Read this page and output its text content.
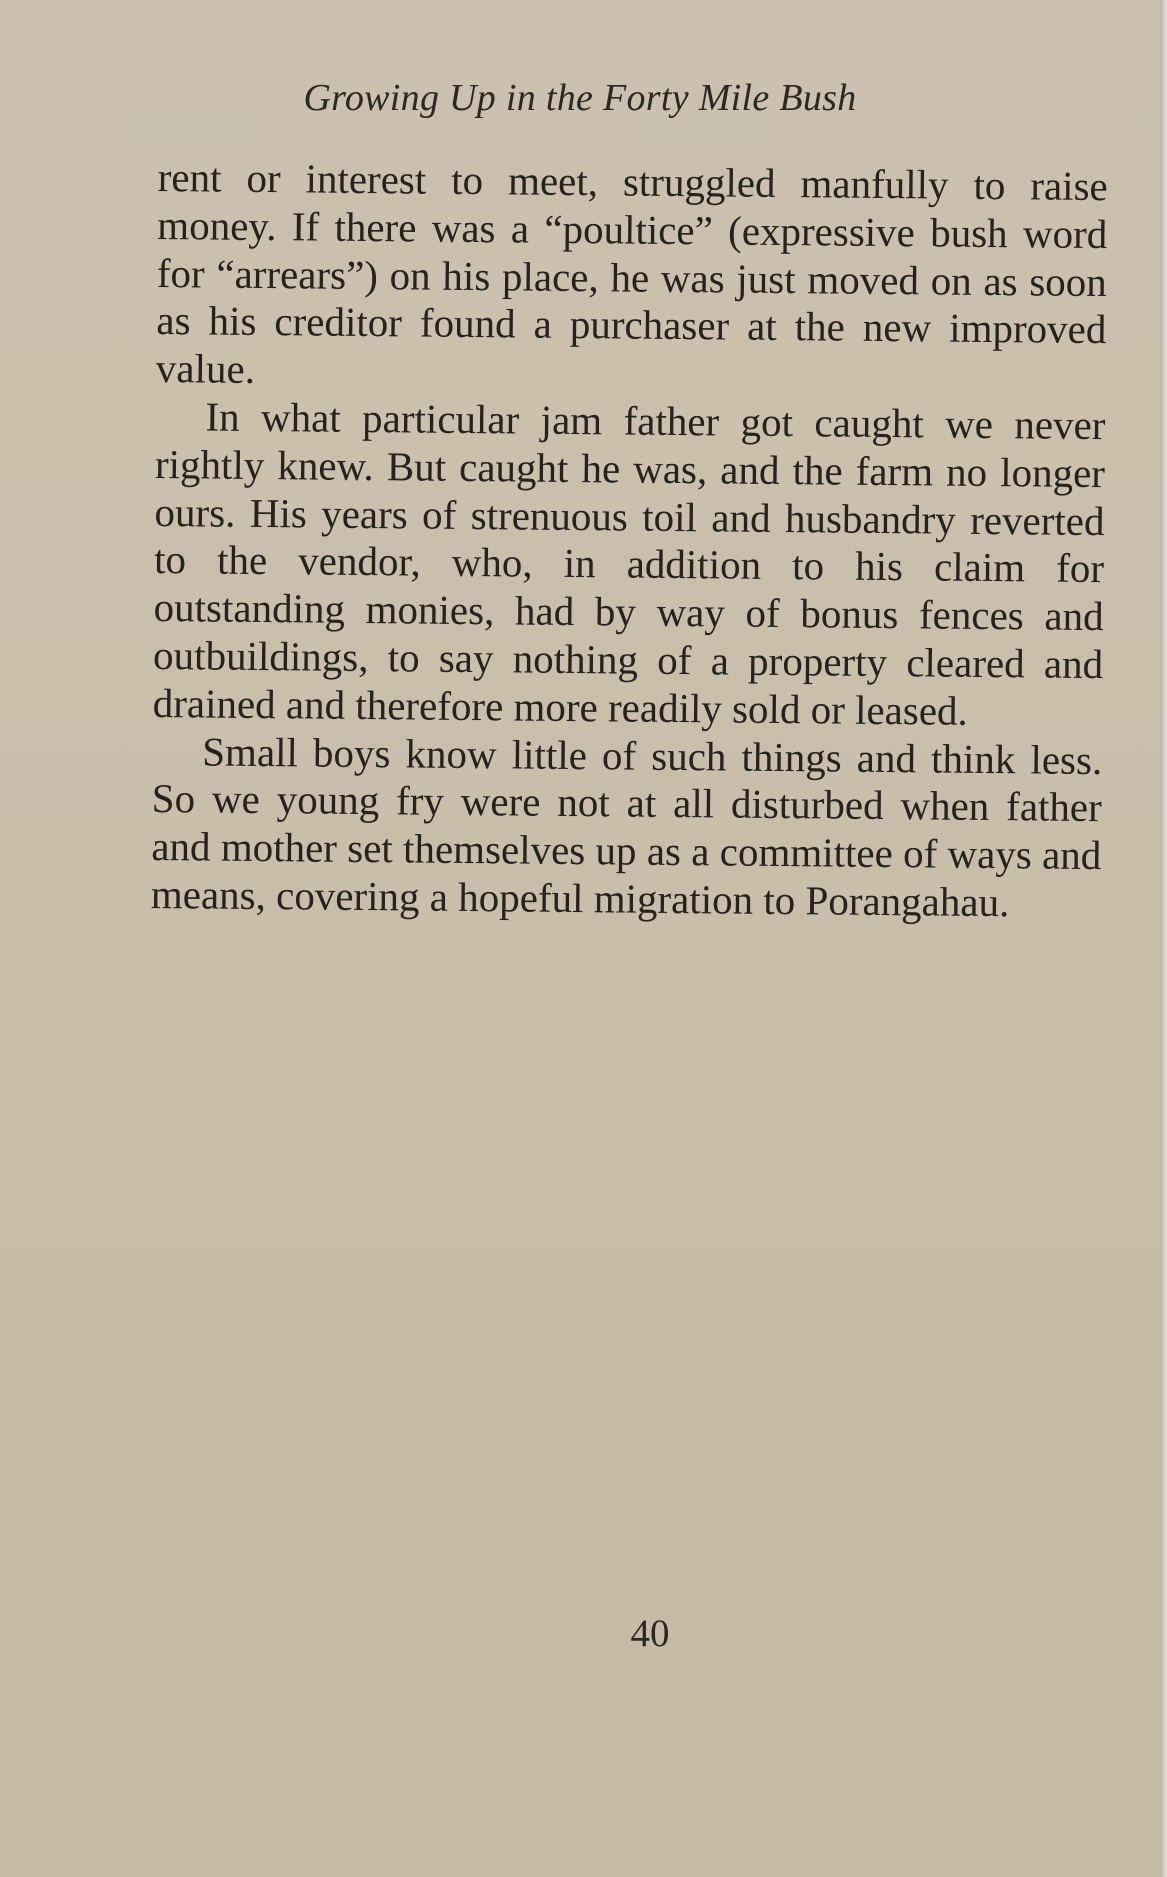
Growing Up in the Forty Mile Bush

rent or interest to meet, struggled manfully to raise money. If there was a “poultice” (expressive bush word for “arrears”) on his place, he was just moved on as soon as his creditor found a purchaser at the new improved value.

In what particular jam father got caught we never rightly knew. But caught he was, and the farm no longer ours. His years of strenuous toil and husbandry reverted to the vendor, who, in addition to his claim for outstanding monies, had by way of bonus fences and outbuildings, to say nothing of a property cleared and drained and therefore more readily sold or leased.

Small boys know little of such things and think less. So we young fry were not at all disturbed when father and mother set themselves up as a committee of ways and means, covering a hopeful migration to Porangahau.

40
